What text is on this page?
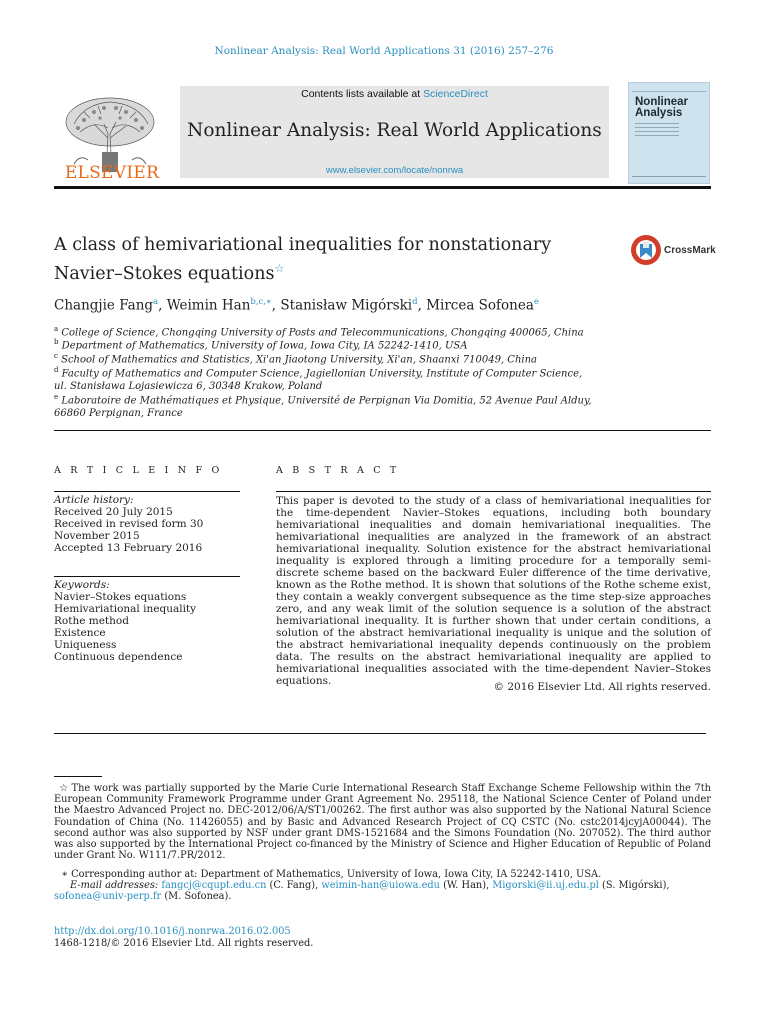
Nonlinear Analysis: Real World Applications 31 (2016) 257–276
ELSEVIER
Contents lists available at ScienceDirect
Nonlinear Analysis: Real World Applications
www.elsevier.com/locate/nonrwa
Nonlinear
Analysis
A class of hemivariational inequalities for nonstationary
Navier–Stokes equations☆
CrossMark
Changjie Fang$^a$, Weimin Han$^{b,c,∗}$, Stanisław Migórski$^d$, Mircea Sofonea$^e$
$^a$ College of Science, Chongqing University of Posts and Telecommunications, Chongqing 400065, China
$^b$ Department of Mathematics, University of Iowa, Iowa City, IA 52242-1410, USA
$^c$ School of Mathematics and Statistics, Xi'an Jiaotong University, Xi'an, Shaanxi 710049, China
$^d$ Faculty of Mathematics and Computer Science, Jagiellonian University, Institute of Computer Science,
ul. Stanisława Lojasiewicza 6, 30348 Krakow, Poland
$^e$ Laboratoire de Mathématiques et Physique, Université de Perpignan Via Domitia, 52 Avenue Paul Alduy,
66860 Perpignan, France
A R T I C L E I N F O
Article history:
Received 20 July 2015
Received in revised form 30
November 2015
Accepted 13 February 2016
Keywords:
Navier–Stokes equations
Hemivariational inequality
Rothe method
Existence
Uniqueness
Continuous dependence
A B S T R A C T
This paper is devoted to the study of a class of hemivariational inequalities for the time-dependent Navier–Stokes equations, including both boundary hemivariational inequalities and domain hemivariational inequalities. The hemivariational inequalities are analyzed in the framework of an abstract hemivariational inequality. Solution existence for the abstract hemivariational inequality is explored through a limiting procedure for a temporally semi-discrete scheme based on the backward Euler difference of the time derivative, known as the Rothe method. It is shown that solutions of the Rothe scheme exist, they contain a weakly convergent subsequence as the time step-size approaches zero, and any weak limit of the solution sequence is a solution of the abstract hemivariational inequality. It is further shown that under certain conditions, a solution of the abstract hemivariational inequality is unique and the solution of the abstract hemivariational inequality depends continuously on the problem data. The results on the abstract hemivariational inequality are applied to hemivariational inequalities associated with the time-dependent Navier–Stokes equations.	© 2016 Elsevier Ltd. All rights reserved.
☆ The work was partially supported by the Marie Curie International Research Staff Exchange Scheme Fellowship within the 7th European Community Framework Programme under Grant Agreement No. 295118, the National Science Center of Poland under the Maestro Advanced Project no. DEC-2012/06/A/ST1/00262. The first author was also supported by the National Natural Science Foundation of China (No. 11426055) and by Basic and Advanced Research Project of CQ CSTC (No. cstc2014jcyjA00044). The second author was also supported by NSF under grant DMS-1521684 and the Simons Foundation (No. 207052). The third author was also supported by the International Project co-financed by the Ministry of Science and Higher Education of Republic of Poland under Grant No. W111/7.PR/2012.
∗ Corresponding author at: Department of Mathematics, University of Iowa, Iowa City, IA 52242-1410, USA.
E-mail addresses: fangcj@cqupt.edu.cn (C. Fang), weimin-han@uiowa.edu (W. Han), Migorski@ii.uj.edu.pl (S. Migórski),
sofonea@univ-perp.fr (M. Sofonea).
http://dx.doi.org/10.1016/j.nonrwa.2016.02.005
1468-1218/© 2016 Elsevier Ltd. All rights reserved.
